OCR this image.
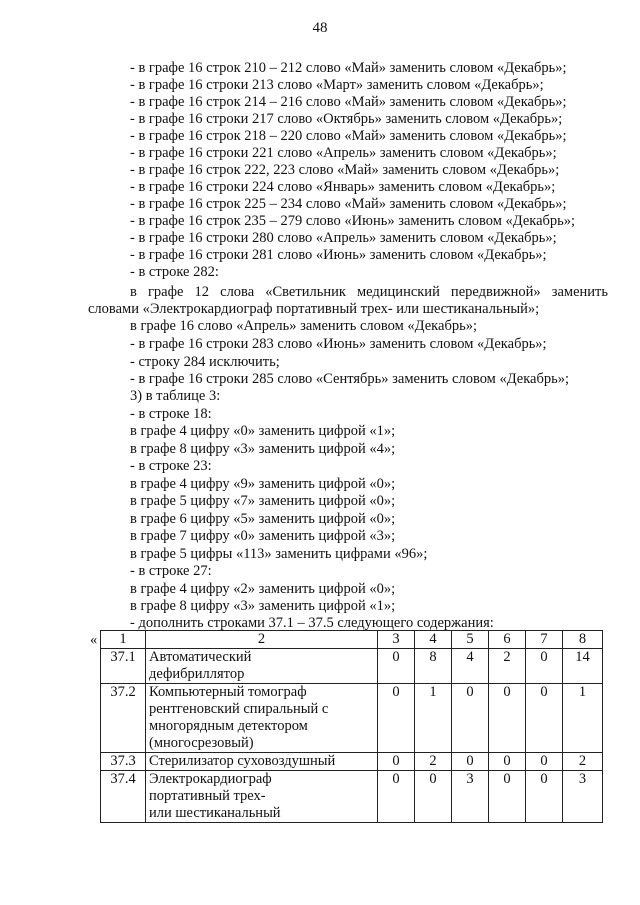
48
- в графе 16 строк 210 – 212 слово «Май» заменить словом «Декабрь»;
- в графе 16 строки 213 слово «Март» заменить словом «Декабрь»;
- в графе 16 строк 214 – 216 слово «Май» заменить словом «Декабрь»;
- в графе 16 строки 217 слово «Октябрь» заменить словом «Декабрь»;
- в графе 16 строк 218 – 220 слово «Май» заменить словом «Декабрь»;
- в графе 16 строки 221 слово «Апрель» заменить словом «Декабрь»;
- в графе 16 строк 222, 223 слово «Май» заменить словом «Декабрь»;
- в графе 16 строки 224 слово «Январь» заменить словом «Декабрь»;
- в графе 16 строк 225 – 234 слово «Май» заменить словом «Декабрь»;
- в графе 16 строк 235 – 279 слово «Июнь» заменить словом «Декабрь»;
- в графе 16 строки 280 слово «Апрель» заменить словом «Декабрь»;
- в графе 16 строки 281 слово «Июнь» заменить словом «Декабрь»;
- в строке 282:
в графе 12 слова «Светильник медицинский передвижной» заменить
словами «Электрокардиограф портативный трех- или шестиканальный»;
в графе 16 слово «Апрель» заменить словом «Декабрь»;
- в графе 16 строки 283 слово «Июнь» заменить словом «Декабрь»;
- строку 284 исключить;
- в графе 16 строки 285 слово «Сентябрь» заменить словом «Декабрь»;
3) в таблице 3:
- в строке 18:
в графе 4 цифру «0» заменить цифрой «1»;
в графе 8 цифру «3» заменить цифрой «4»;
- в строке 23:
в графе 4 цифру «9» заменить цифрой «0»;
в графе 5 цифру «7» заменить цифрой «0»;
в графе 6 цифру «5» заменить цифрой «0»;
в графе 7 цифру «0» заменить цифрой «3»;
в графе 5 цифры «113» заменить цифрами «96»;
- в строке 27:
в графе 4 цифру «2» заменить цифрой «0»;
в графе 8 цифру «3» заменить цифрой «1»;
- дополнить строками 37.1 – 37.5 следующего содержания:
« 1	2	3	4	5	6	7	8
37.1	Автоматический
дефибриллятор	0	8	4	2	0	14
37.2	Компьютерный томограф
рентгеновский спиральный с
многорядным детектором
(многосрезовый)	0	1	0	0	0	1
37.3	Стерилизатор суховоздушный	0	2	0	0	0	2
37.4	Электрокардиограф
портативный трех-
или шестиканальный	0	0	3	0	0	3
